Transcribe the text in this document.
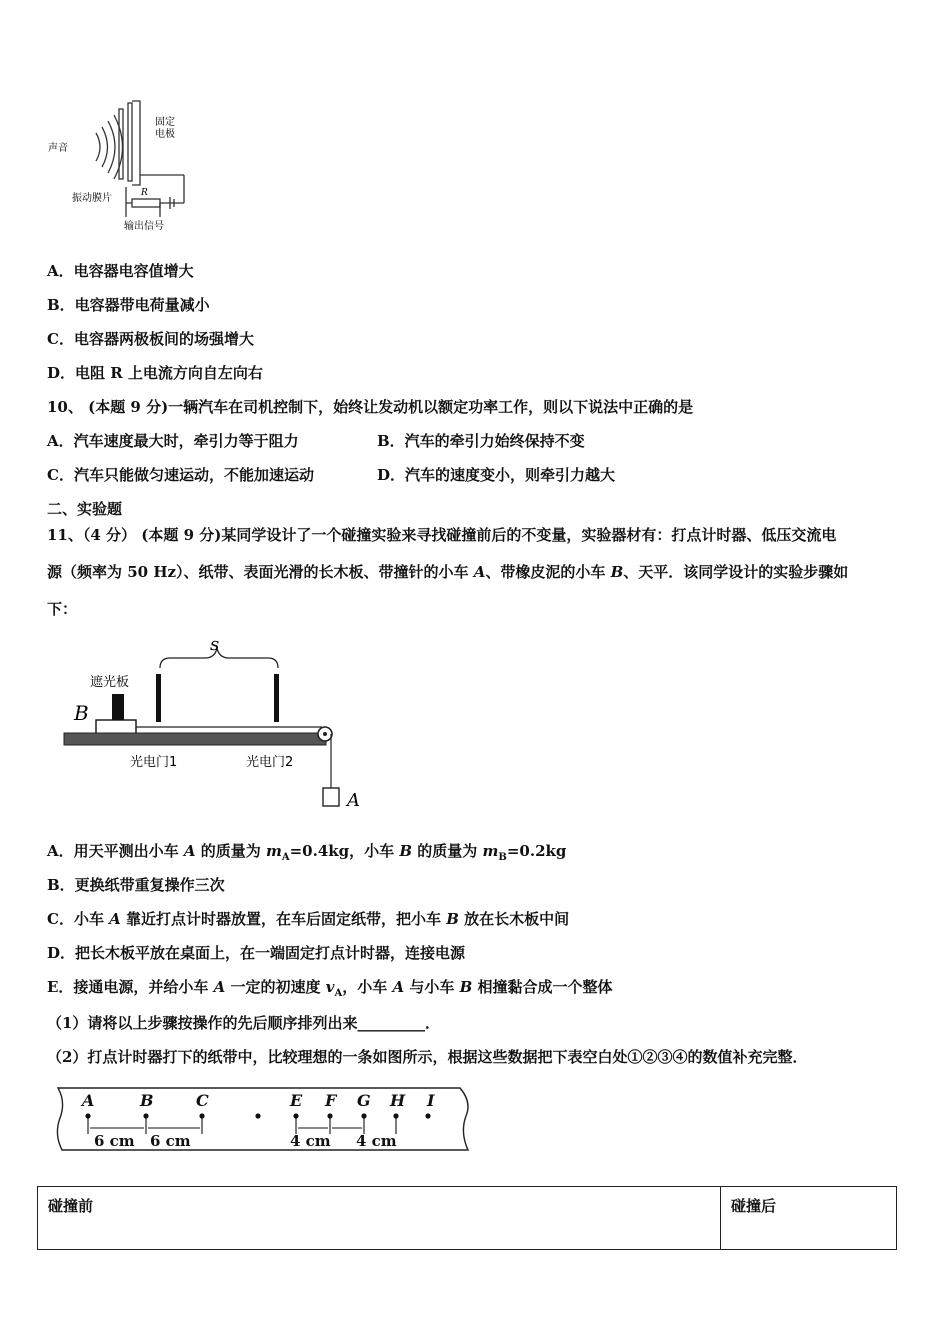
声音
固定
电极
振动膜片	R
输出信号
A．电容器电容值增大
B．电容器带电荷量减小
C．电容器两极板间的场强增大
D．电阻 R 上电流方向自左向右
10、 (本题 9 分)一辆汽车在司机控制下，始终让发动机以额定功率工作，则以下说法中正确的是
A．汽车速度最大时，牵引力等于阻力	B．汽车的牵引力始终保持不变
C．汽车只能做匀速运动，不能加速运动	D．汽车的速度变小，则牵引力越大
二、实验题
11、（4 分） (本题 9 分)某同学设计了一个碰撞实验来寻找碰撞前后的不变量，实验器材有：打点计时器、低压交流电
源（频率为 50 Hz）、纸带、表面光滑的长木板、带撞针的小车 A、带橡皮泥的小车 B、天平．该同学设计的实验步骤如
下：
s
遮光板
B
光电门1	光电门2
A
A．用天平测出小车 A 的质量为 $m_A=0.4kg$，小车 B 的质量为 $m_B=0.2kg$
B．更换纸带重复操作三次
C．小车 A 靠近打点计时器放置，在车后固定纸带，把小车 B 放在长木板中间
D．把长木板平放在桌面上，在一端固定打点计时器，连接电源
E．接通电源，并给小车 A 一定的初速度 $v_A$，小车 A 与小车 B 相撞黏合成一个整体
（1）请将以上步骤按操作的先后顺序排列出来_________．
（2）打点计时器打下的纸带中，比较理想的一条如图所示，根据这些数据把下表空白处①②③④的数值补充完整．
A	B	C	E F G H I
6 cm 6 cm	4 cm 4 cm
碰撞前	碰撞后
